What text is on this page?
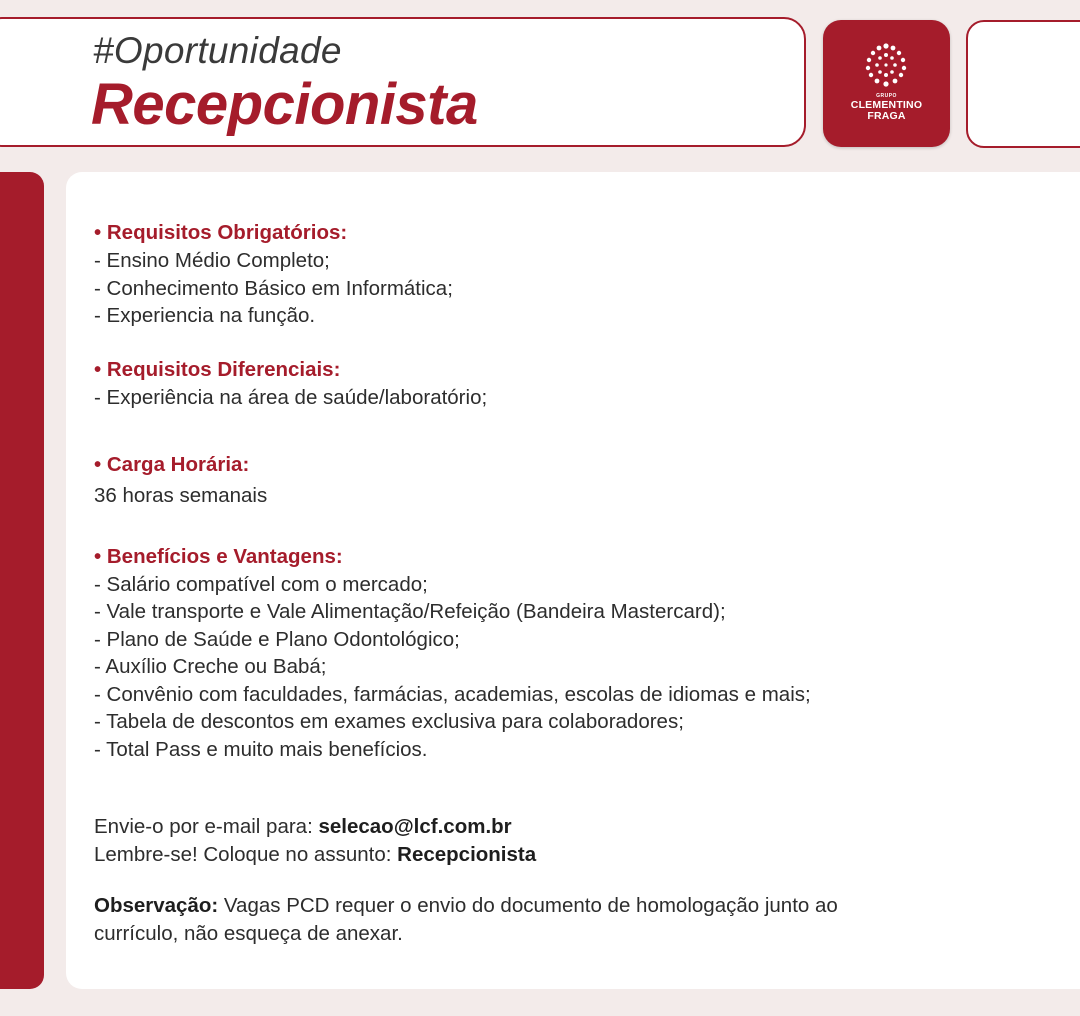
#Oportunidade
Recepcionista	GRUPO
CLEMENTINO
FRAGA
• Requisitos Obrigatórios:
- Ensino Médio Completo;
- Conhecimento Básico em Informática;
- Experiencia na função.
• Requisitos Diferenciais:
- Experiência na área de saúde/laboratório;
• Carga Horária:
36 horas semanais
• Benefícios e Vantagens:
- Salário compatível com o mercado;
- Vale transporte e Vale Alimentação/Refeição (Bandeira Mastercard);
- Plano de Saúde e Plano Odontológico;
- Auxílio Creche ou Babá;
- Convênio com faculdades, farmácias, academias, escolas de idiomas e mais;
- Tabela de descontos em exames exclusiva para colaboradores;
- Total Pass e muito mais benefícios.
Envie-o por e-mail para: selecao@lcf.com.br
Lembre-se! Coloque no assunto: Recepcionista
Observação: Vagas PCD requer o envio do documento de homologação junto ao
currículo, não esqueça de anexar.
